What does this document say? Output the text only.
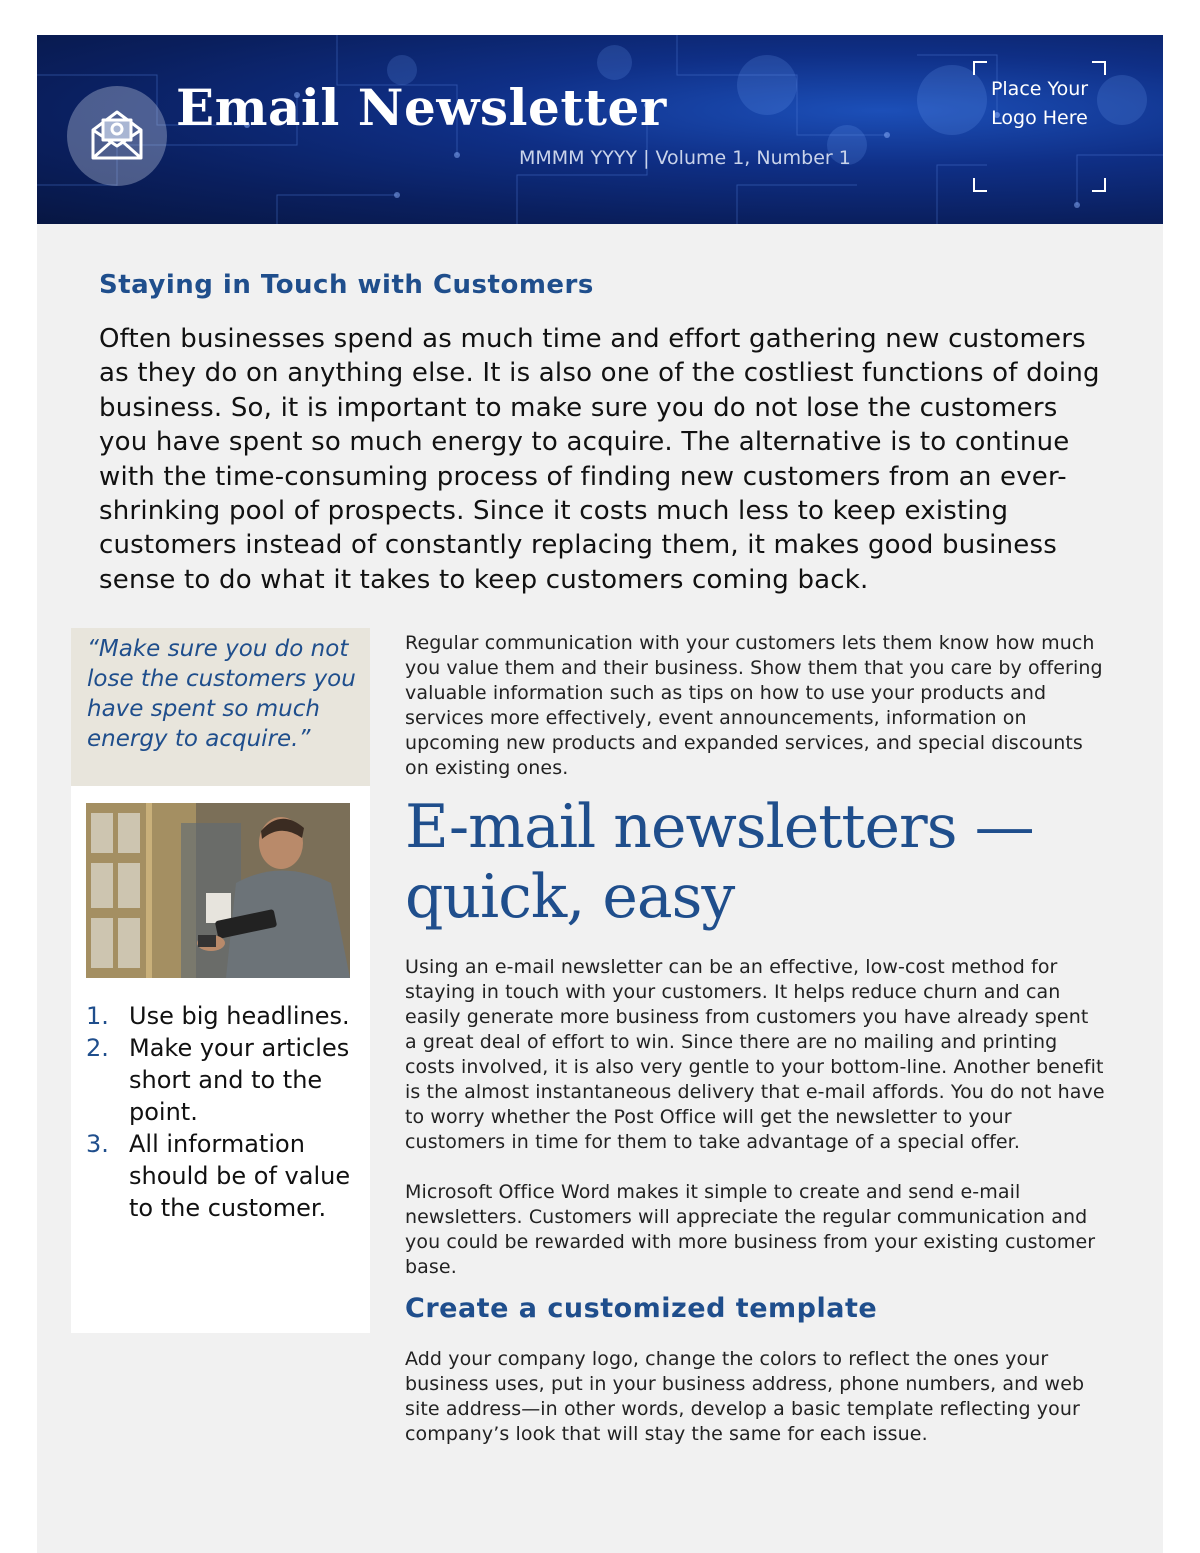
Email Newsletter
MMMM YYYY | Volume 1, Number 1
Place Your Logo Here
Staying in Touch with Customers
Often businesses spend as much time and effort gathering new customers as they do on anything else. It is also one of the costliest functions of doing business. So, it is important to make sure you do not lose the customers you have spent so much energy to acquire. The alternative is to continue with the time-consuming process of finding new customers from an ever-shrinking pool of prospects. Since it costs much less to keep existing customers instead of constantly replacing them, it makes good business sense to do what it takes to keep customers coming back.
“Make sure you do not lose the customers you have spent so much energy to acquire.”
1. Use big headlines.
2. Make your articles short and to the point.
3. All information should be of value to the customer.
Regular communication with your customers lets them know how much you value them and their business. Show them that you care by offering valuable information such as tips on how to use your products and services more effectively, event announcements, information on upcoming new products and expanded services, and special discounts on existing ones.
E-mail newsletters — quick, easy
Using an e-mail newsletter can be an effective, low-cost method for staying in touch with your customers. It helps reduce churn and can easily generate more business from customers you have already spent a great deal of effort to win. Since there are no mailing and printing costs involved, it is also very gentle to your bottom-line. Another benefit is the almost instantaneous delivery that e-mail affords. You do not have to worry whether the Post Office will get the newsletter to your customers in time for them to take advantage of a special offer.
Microsoft Office Word makes it simple to create and send e-mail newsletters. Customers will appreciate the regular communication and you could be rewarded with more business from your existing customer base.
Create a customized template
Add your company logo, change the colors to reflect the ones your business uses, put in your business address, phone numbers, and web site address—in other words, develop a basic template reflecting your company’s look that will stay the same for each issue.
